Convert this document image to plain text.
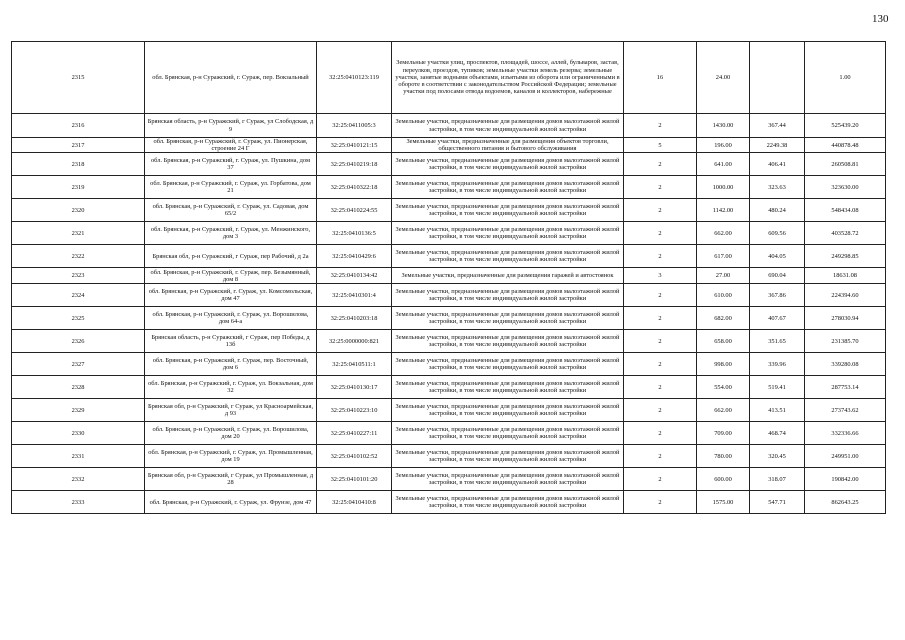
130
2315	обл. Брянская, р-н Суражский, г. Сураж, пер. Вокзальный	32:25:0410123:119	Земельные участки улиц, проспектов, площадей, шоссе, аллей, бульваров, застав, переулков, проездов, тупиков; земельные участки земель резерва; земельные участки, занятые водными объектами, изъятыми из оборота или ограниченными в обороте в соответствии с законодательством Российской Федерации; земельные участки под полосами отвода водоемов, каналов и коллекторов, набережные	16	24.00		1.00
2316	Брянская область, р-н Суражский, г Сураж, ул Слободская, д 9	32:25:0411005:3	Земельные участки, предназначенные для размещения домов малоэтажной жилой застройки, в том числе индивидуальной жилой застройки	2	1430.00	367.44	525439.20
2317	обл. Брянская, р-н Суражский, г. Сураж, ул. Пионерская, строение 24 Г	32:25:0410121:15	Земельные участки, предназначенные для размещения объектов торговли, общественного питания и бытового обслуживания	5	196.00	2249.38	440878.48
2318	обл. Брянская, р-н Суражский, г. Сураж, ул. Пушкина, дом 37	32:25:0410219:18	Земельные участки, предназначенные для размещения домов малоэтажной жилой застройки, в том числе индивидуальной жилой застройки	2	641.00	406.41	260508.81
2319	обл. Брянская, р-н Суражский, г. Сураж, ул. Горбатова, дом 21	32:25:0410322:18	Земельные участки, предназначенные для размещения домов малоэтажной жилой застройки, в том числе индивидуальной жилой застройки	2	1000.00	323.63	323630.00
2320	обл. Брянская, р-н Суражский, г. Сураж, ул. Садовая, дом 65/2	32:25:0410224:55	Земельные участки, предназначенные для размещения домов малоэтажной жилой застройки, в том числе индивидуальной жилой застройки	2	1142.00	480.24	548434.08
2321	обл. Брянская, р-н Суражский, г. Сураж, ул. Менжинского, дом 3	32:25:0410136:5	Земельные участки, предназначенные для размещения домов малоэтажной жилой застройки, в том числе индивидуальной жилой застройки	2	662.00	609.56	403528.72
2322	Брянская обл, р-н Суражский, г Сураж, пер Рабочий, д 2а	32:25:0410429:6	Земельные участки, предназначенные для размещения домов малоэтажной жилой застройки, в том числе индивидуальной жилой застройки	2	617.00	404.05	249298.85
2323	обл. Брянская, р-н Суражский, г. Сураж, пер. Безымянный, дом 8	32:25:0410134:42	Земельные участки, предназначенные для размещения гаражей и автостоянок	3	27.00	690.04	18631.08
2324	обл. Брянская, р-н Суражский, г. Сураж, ул. Комсомольская, дом 47	32:25:0410301:4	Земельные участки, предназначенные для размещения домов малоэтажной жилой застройки, в том числе индивидуальной жилой застройки	2	610.00	367.86	224394.60
2325	обл. Брянская, р-н Суражский, г. Сураж, ул. Ворошилова, дом 64-а	32:25:0410203:18	Земельные участки, предназначенные для размещения домов малоэтажной жилой застройки, в том числе индивидуальной жилой застройки	2	682.00	407.67	278030.94
2326	Брянская область, р-н Суражский, г Сураж, пер Победы, д 13б	32:25:0000000:821	Земельные участки, предназначенные для размещения домов малоэтажной жилой застройки, в том числе индивидуальной жилой застройки	2	658.00	351.65	231385.70
2327	обл. Брянская, р-н Суражский, г. Сураж, пер. Восточный, дом 6	32:25:0410511:1	Земельные участки, предназначенные для размещения домов малоэтажной жилой застройки, в том числе индивидуальной жилой застройки	2	998.00	339.96	339280.08
2328	обл. Брянская, р-н Суражский, г. Сураж, ул. Вокзальная, дом 32	32:25:0410130:17	Земельные участки, предназначенные для размещения домов малоэтажной жилой застройки, в том числе индивидуальной жилой застройки	2	554.00	519.41	287753.14
2329	Брянская обл, р-н Суражский, г Сураж, ул Красноармейская, д 93	32:25:0410223:10	Земельные участки, предназначенные для размещения домов малоэтажной жилой застройки, в том числе индивидуальной жилой застройки	2	662.00	413.51	273743.62
2330	обл. Брянская, р-н Суражский, г. Сураж, ул. Ворошилова, дом 20	32:25:0410227:11	Земельные участки, предназначенные для размещения домов малоэтажной жилой застройки, в том числе индивидуальной жилой застройки	2	709.00	468.74	332336.66
2331	обл. Брянская, р-н Суражский, г. Сураж, ул. Промышленная, дом 19	32:25:0410102:52	Земельные участки, предназначенные для размещения домов малоэтажной жилой застройки, в том числе индивидуальной жилой застройки	2	780.00	320.45	249951.00
2332	Брянская обл, р-н Суражский, г Сураж, ул Промышленная, д 28	32:25:0410101:20	Земельные участки, предназначенные для размещения домов малоэтажной жилой застройки, в том числе индивидуальной жилой застройки	2	600.00	318.07	190842.00
2333	обл. Брянская, р-н Суражский, г. Сураж, ул. Фрунзе, дом 47	32:25:0410410:8	Земельные участки, предназначенные для размещения домов малоэтажной жилой застройки, в том числе индивидуальной жилой застройки	2	1575.00	547.71	862643.25
